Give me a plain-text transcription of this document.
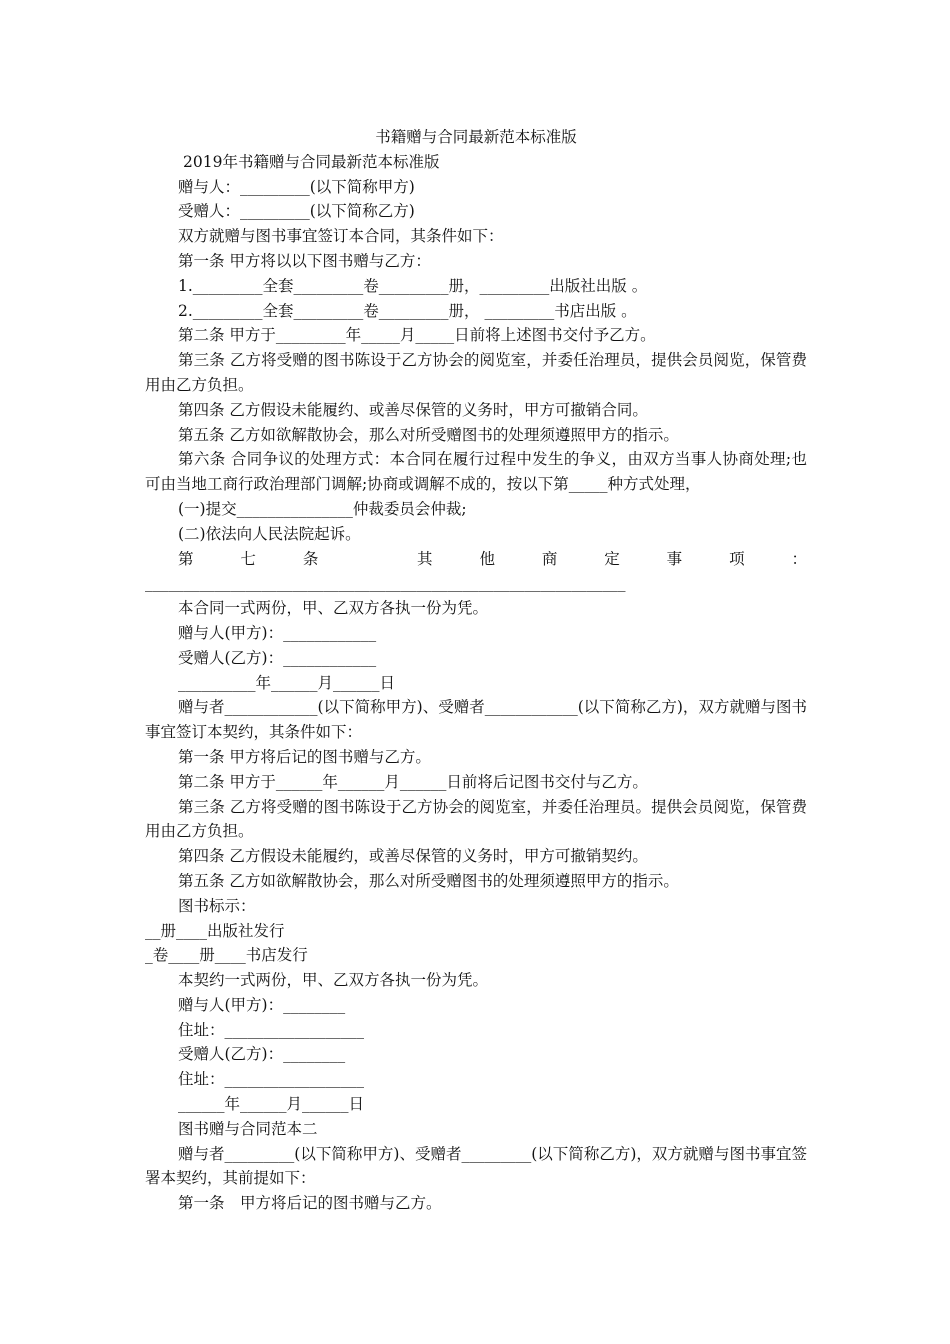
书籍赠与合同最新范本标准版
2019年书籍赠与合同最新范本标准版

赠与人：_________(以下简称甲方)

受赠人：_________(以下简称乙方)

双方就赠与图书事宜签订本合同，其条件如下：

第一条 甲方将以以下图书赠与乙方：

1._________全套_________卷_________册，_________出版社出版 。

2._________全套_________卷_________册， _________书店出版 。

第二条 甲方于_________年_____月_____日前将上述图书交付予乙方。

第三条 乙方将受赠的图书陈设于乙方协会的阅览室，并委任治理员，提供会员阅览，保管费用由乙方负担。

第四条 乙方假设未能履约、或善尽保管的义务时，甲方可撤销合同。

第五条 乙方如欲解散协会，那么对所受赠图书的处理须遵照甲方的指示。

第六条 合同争议的处理方式：本合同在履行过程中发生的争义，由双方当事人协商处理;也可由当地工商行政治理部门调解;协商或调解不成的，按以下第_____种方式处理，

(一)提交_______________仲裁委员会仲裁;

(二)依法向人民法院起诉。

第七条 其他商定事项：______________________________________________________________

本合同一式两份，甲、乙双方各执一份为凭。

赠与人(甲方)：____________

受赠人(乙方)：____________

__________年______月______日

赠与者____________(以下简称甲方)、受赠者____________(以下简称乙方)，双方就赠与图书事宜签订本契约，其条件如下：

第一条 甲方将后记的图书赠与乙方。

第二条 甲方于______年______月______日前将后记图书交付与乙方。

第三条 乙方将受赠的图书陈设于乙方协会的阅览室，并委任治理员。提供会员阅览，保管费用由乙方负担。

第四条 乙方假设未能履约，或善尽保管的义务时，甲方可撤销契约。

第五条 乙方如欲解散协会，那么对所受赠图书的处理须遵照甲方的指示。

图书标示：

__册____出版社发行

_卷____册____书店发行

本契约一式两份，甲、乙双方各执一份为凭。

赠与人(甲方)：________

住址：__________________

受赠人(乙方)：________

住址：__________________

______年______月______日

图书赠与合同范本二

赠与者_________(以下简称甲方)、受赠者_________(以下简称乙方)，双方就赠与图书事宜签署本契约，其前提如下：

第一条　甲方将后记的图书赠与乙方。
